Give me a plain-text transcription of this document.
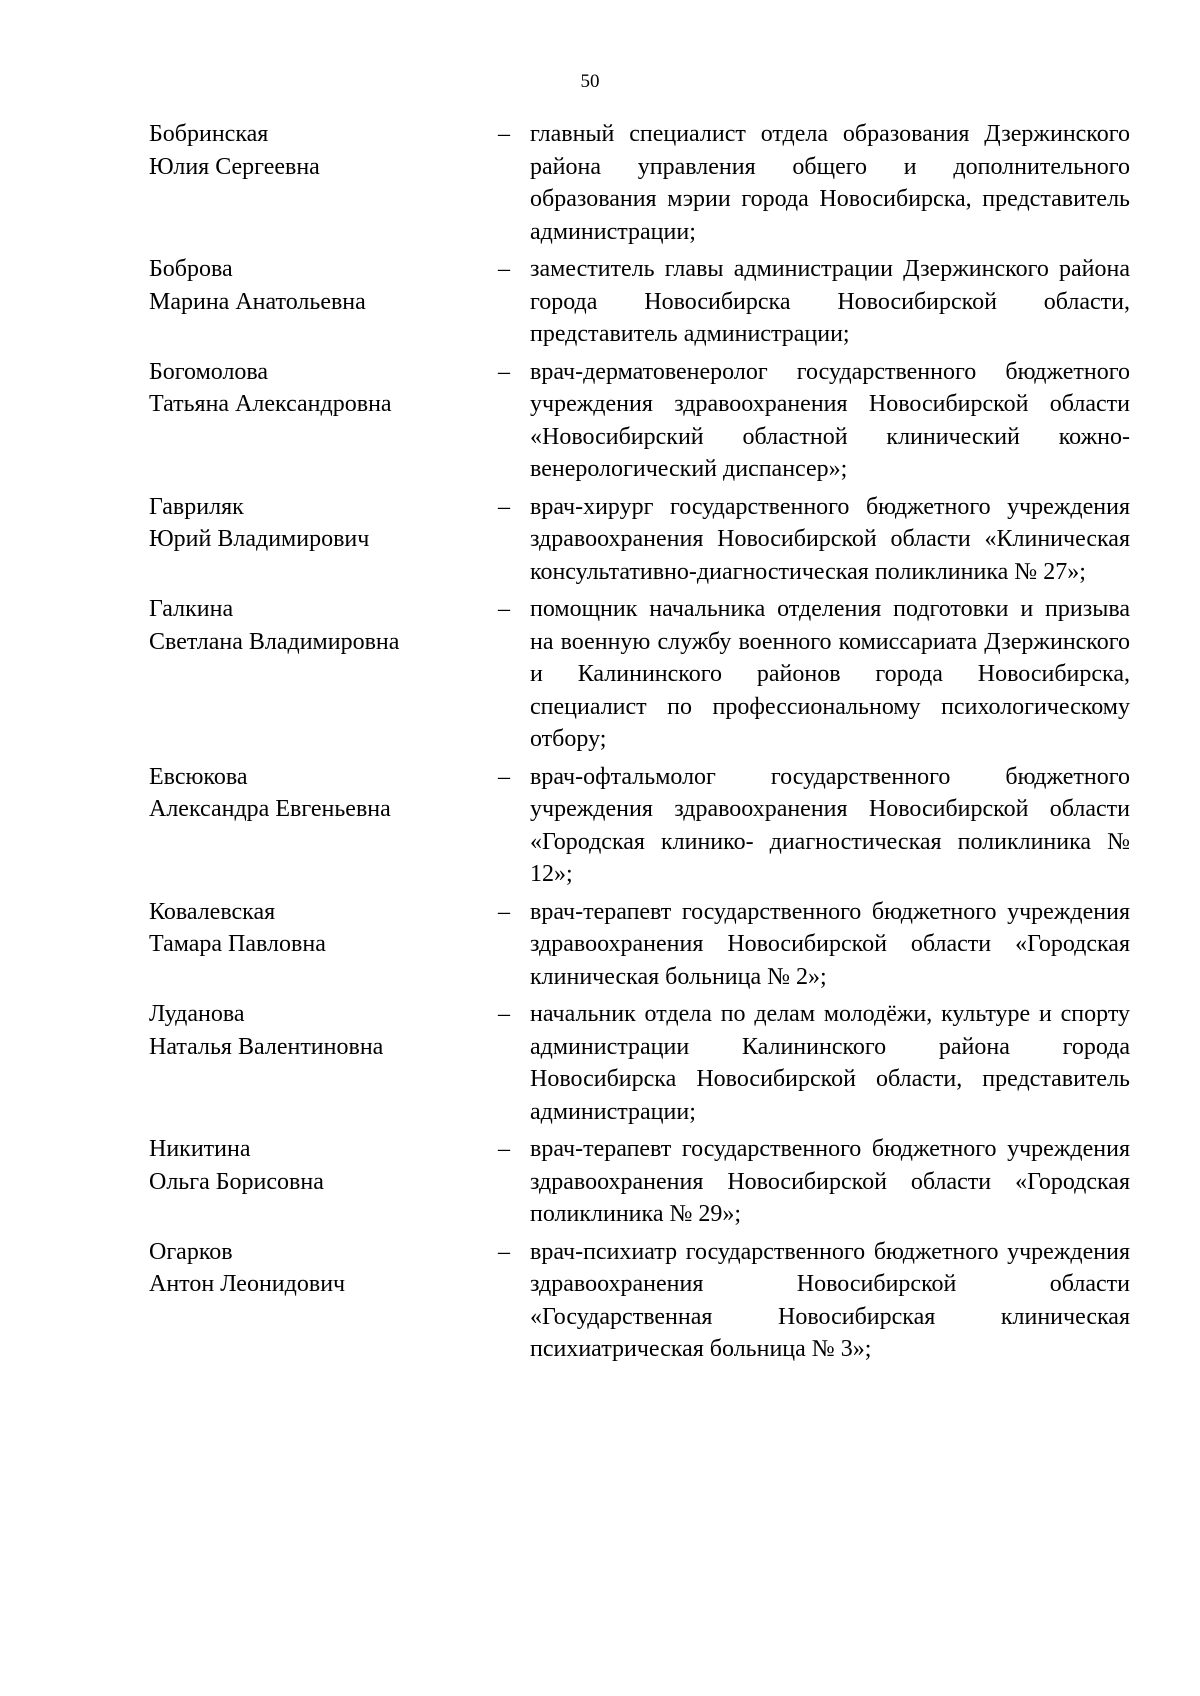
50
Бобринская
Юлия Сергеевна
– главный специалист отдела образования Дзержинского района управления общего и дополнительного образования мэрии города Новосибирска, представитель администрации;
Боброва
Марина Анатольевна
– заместитель главы администрации Дзержинского района города Новосибирска Новосибирской области, представитель администрации;
Богомолова
Татьяна Александровна
– врач-дерматовенеролог государственного бюджетного учреждения здравоохранения Новосибирской области «Новосибирский областной клинический кожно-венерологический диспансер»;
Гавриляк
Юрий Владимирович
– врач-хирург государственного бюджетного учреждения здравоохранения Новосибирской области «Клиническая консультативно-диагностическая поликлиника № 27»;
Галкина
Светлана Владимировна
– помощник начальника отделения подготовки и призыва на военную службу военного комиссариата Дзержинского и Калининского районов города Новосибирска, специалист по профессиональному психологическому отбору;
Евсюкова
Александра Евгеньевна
– врач-офтальмолог государственного бюджетного учреждения здравоохранения Новосибирской области «Городская клинико- диагностическая поликлиника № 12»;
Ковалевская
Тамара Павловна
– врач-терапевт государственного бюджетного учреждения здравоохранения Новосибирской области «Городская клиническая больница № 2»;
Луданова
Наталья Валентиновна
– начальник отдела по делам молодёжи, культуре и спорту администрации Калининского района города Новосибирска Новосибирской области, представитель администрации;
Никитина
Ольга Борисовна
– врач-терапевт государственного бюджетного учреждения здравоохранения Новосибирской области «Городская поликлиника № 29»;
Огарков
Антон Леонидович
– врач-психиатр государственного бюджетного учреждения здравоохранения Новосибирской области «Государственная Новосибирская клиническая психиатрическая больница № 3»;
